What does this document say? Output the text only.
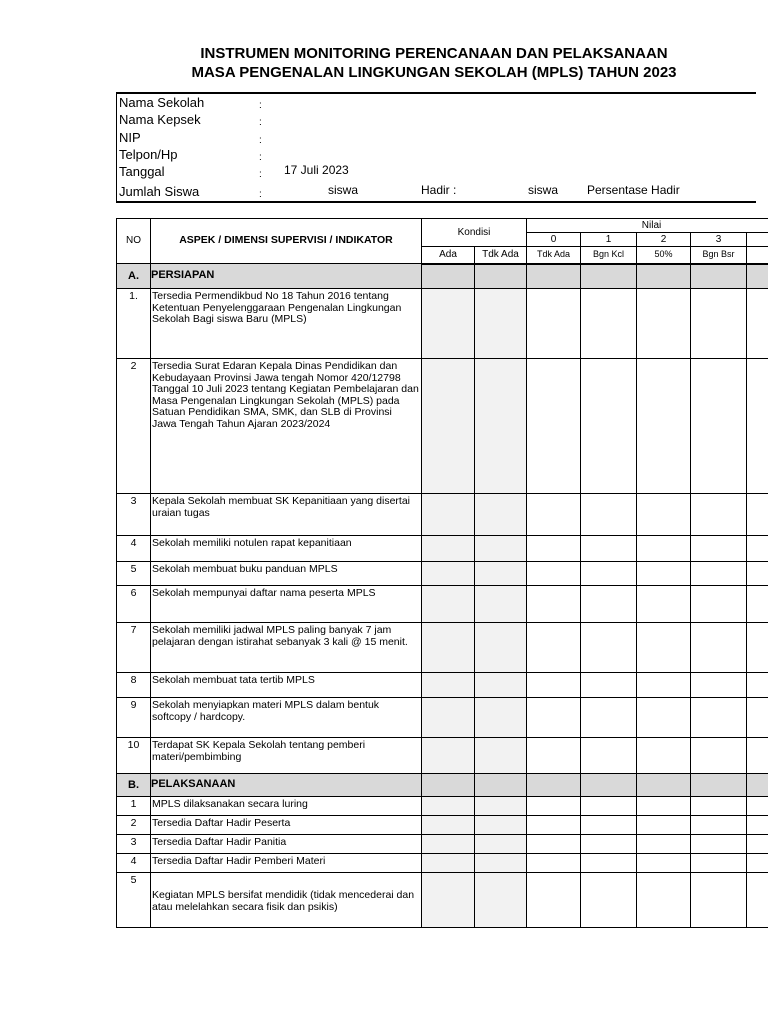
INSTRUMEN MONITORING PERENCANAAN DAN PELAKSANAAN
MASA PENGENALAN LINGKUNGAN SEKOLAH (MPLS) TAHUN 2023
Nama Sekolah	:
Nama Kepsek	:
NIP	:
Telpon/Hp	:
Tanggal	: 17 Juli 2023
Jumlah Siswa	:	siswa	Hadir :	siswa Persentase Hadir
NO	ASPEK / DIMENSI SUPERVISI / INDIKATOR	Kondisi		Nilai				
				0	1	2	3	
		Ada	Tdk Ada	Tdk Ada	Bgn Kcl	50%	Bgn Bsr	
A.	PERSIAPAN							
1.	Tersedia Permendikbud No 18 Tahun 2016 tentang Ketentuan Penyelenggaraan Pengenalan Lingkungan Sekolah Bagi siswa Baru (MPLS)							
2	Tersedia Surat Edaran Kepala Dinas Pendidikan dan Kebudayaan Provinsi Jawa tengah Nomor 420/12798 Tanggal 10 Juli 2023 tentang Kegiatan Pembelajaran dan Masa Pengenalan Lingkungan Sekolah (MPLS) pada Satuan Pendidikan SMA, SMK, dan SLB di Provinsi Jawa Tengah Tahun Ajaran 2023/2024							
3	Kepala Sekolah membuat SK Kepanitiaan yang disertai uraian tugas							
4	Sekolah memiliki notulen rapat kepanitiaan							
5	Sekolah membuat buku panduan MPLS							
6	Sekolah mempunyai daftar nama peserta MPLS							
7	Sekolah memiliki jadwal MPLS paling banyak 7 jam pelajaran dengan istirahat sebanyak 3 kali @ 15 menit.							
8	Sekolah membuat tata tertib MPLS							
9	Sekolah menyiapkan materi MPLS dalam bentuk softcopy / hardcopy.							
10	Terdapat SK Kepala Sekolah tentang pemberi materi/pembimbing							
B.	PELAKSANAAN							
1	MPLS dilaksanakan secara luring							
2	Tersedia Daftar Hadir Peserta							
3	Tersedia Daftar Hadir Panitia							
4	Tersedia Daftar Hadir Pemberi Materi							
5	Kegiatan MPLS bersifat mendidik (tidak mencederai dan atau melelahkan secara fisik dan psikis)							
